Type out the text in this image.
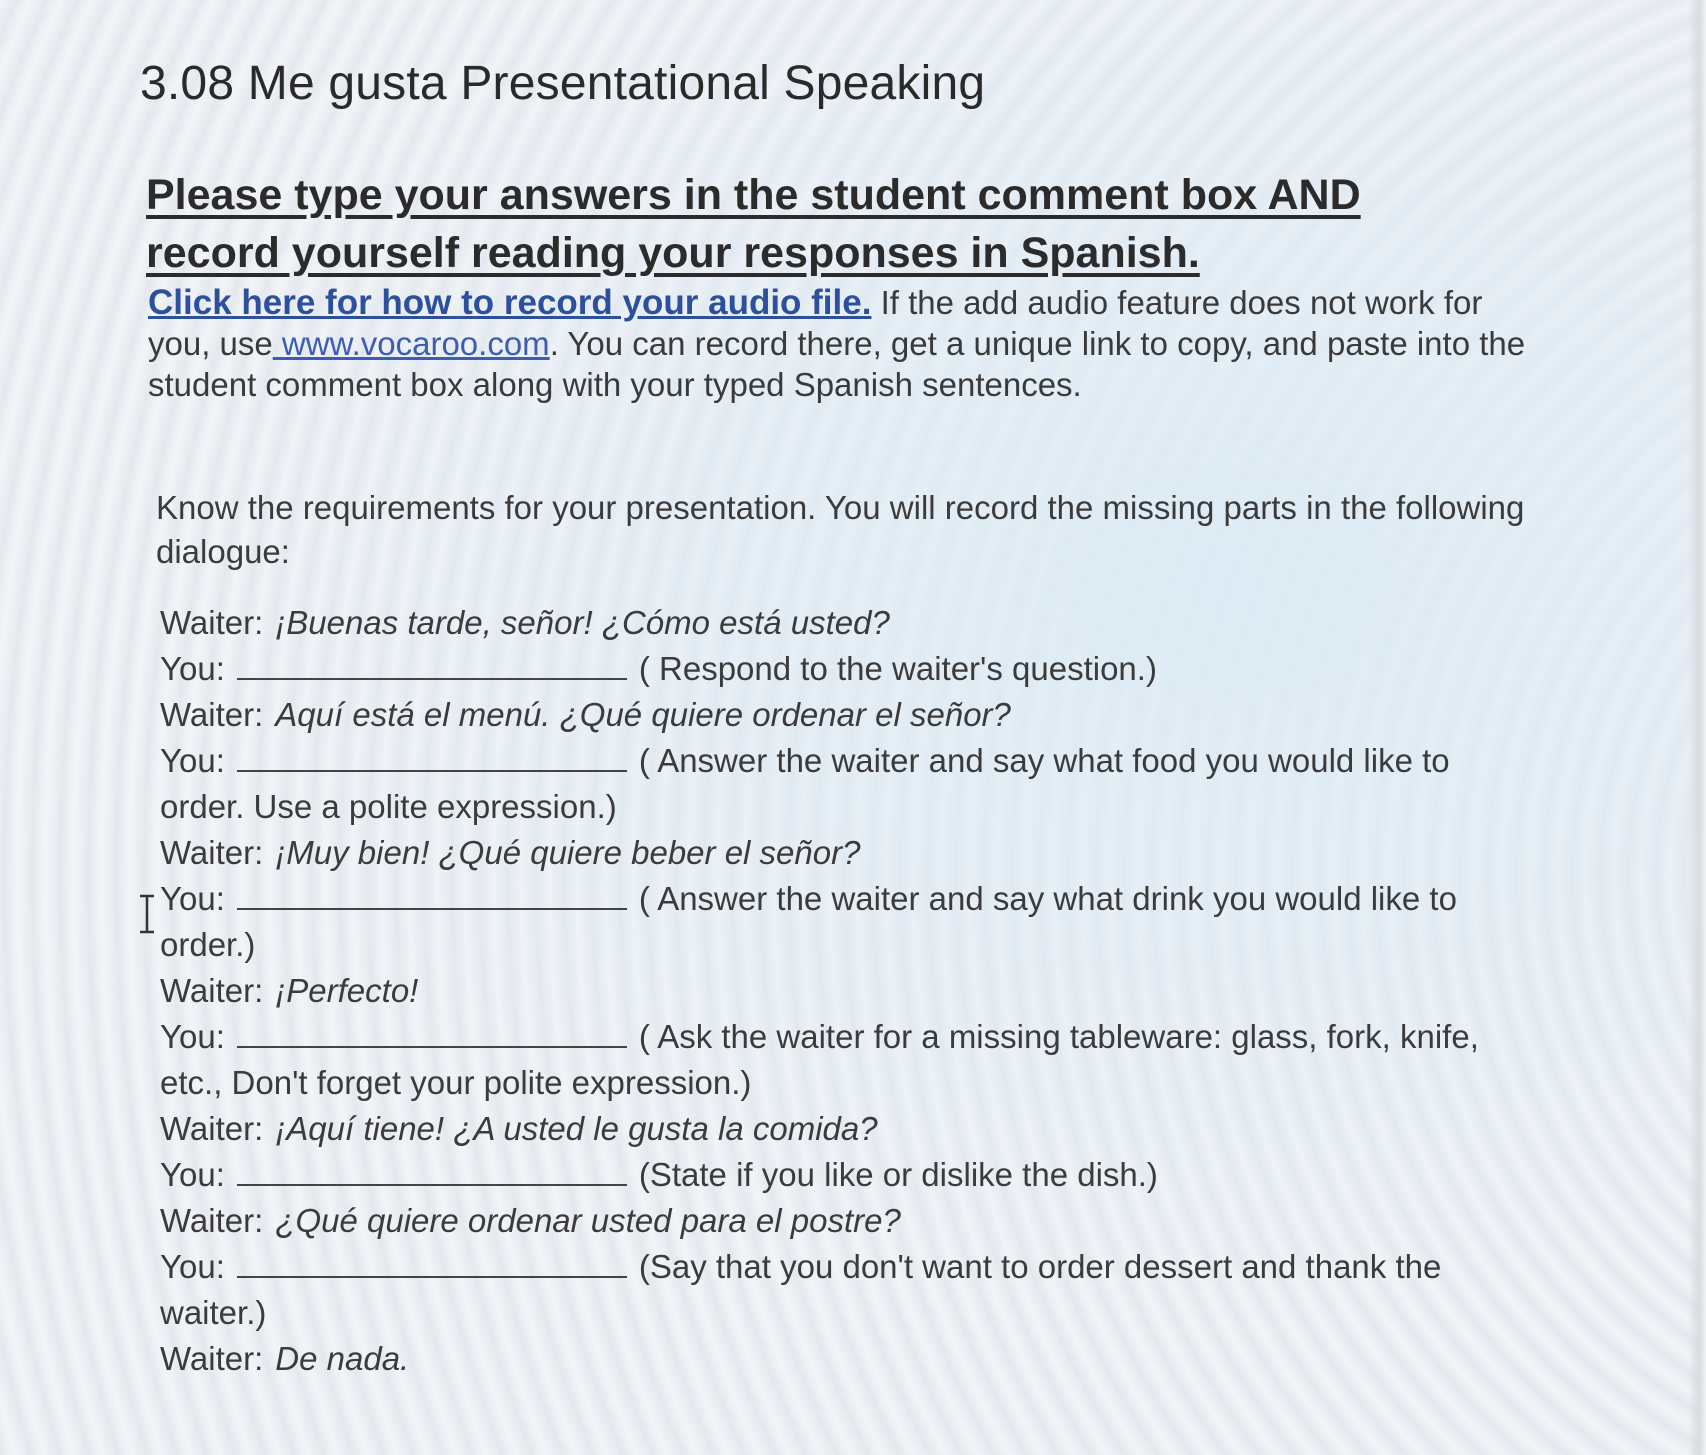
3.08 Me gusta Presentational Speaking
Please type your answers in the student comment box AND record yourself reading your responses in Spanish.
Click here for how to record your audio file. If the add audio feature does not work for you, use www.vocaroo.com. You can record there, get a unique link to copy, and paste into the student comment box along with your typed Spanish sentences.
Know the requirements for your presentation. You will record the missing parts in the following dialogue:

Waiter: ¡Buenas tarde, señor! ¿Cómo está usted?

You:	( Respond to the waiter's question.)

Waiter: Aquí está el menú. ¿Qué quiere ordenar el señor?

You:	( Answer the waiter and say what food you would like to order. Use a polite expression.)

Waiter: ¡Muy bien! ¿Qué quiere beber el señor?

You:	( Answer the waiter and say what drink you would like to order.)

Waiter: ¡Perfecto!

You:	( Ask the waiter for a missing tableware: glass, fork, knife, etc., Don't forget your polite expression.)

Waiter: ¡Aquí tiene! ¿A usted le gusta la comida?

You:	(State if you like or dislike the dish.)

Waiter: ¿Qué quiere ordenar usted para el postre?

You:	(Say that you don't want to order dessert and thank the waiter.)

Waiter: De nada.
